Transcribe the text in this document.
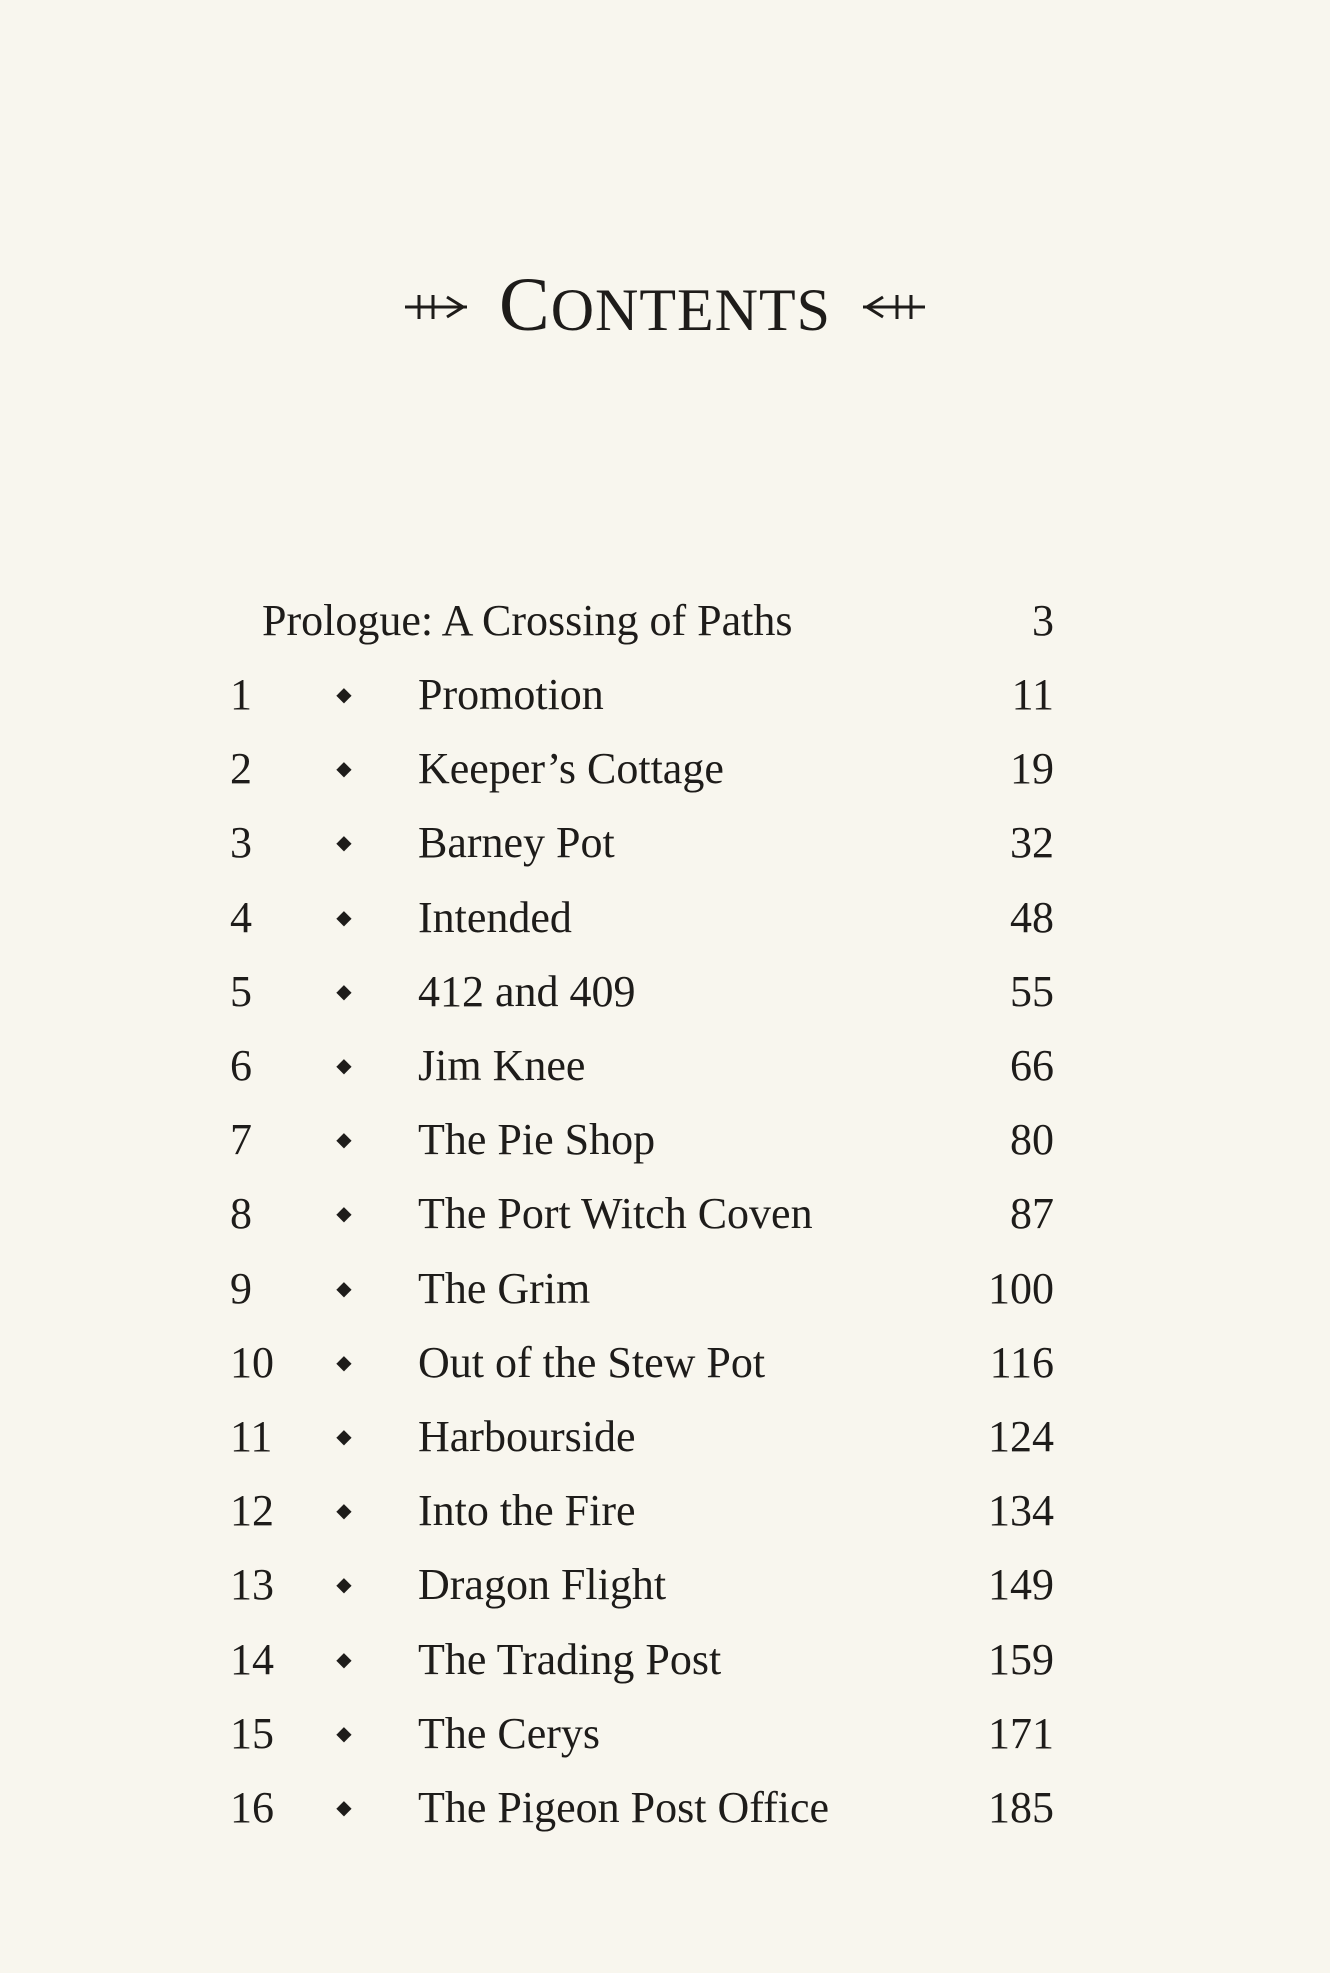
CONTENTS
Prologue: A Crossing of Paths	3
1	◆ Promotion	11
2	◆ Keeper’s Cottage	19
3	◆ Barney Pot	32
4	◆ Intended	48
5	◆ 412 and 409	55
6	◆ Jim Knee	66
7	◆ The Pie Shop	80
8	◆ The Port Witch Coven	87
9	◆ The Grim	100
10	◆ Out of the Stew Pot	116
11	◆ Harbourside	124
12	◆ Into the Fire	134
13	◆ Dragon Flight	149
14	◆ The Trading Post	159
15	◆ The Cerys	171
16	◆ The Pigeon Post Office	185
